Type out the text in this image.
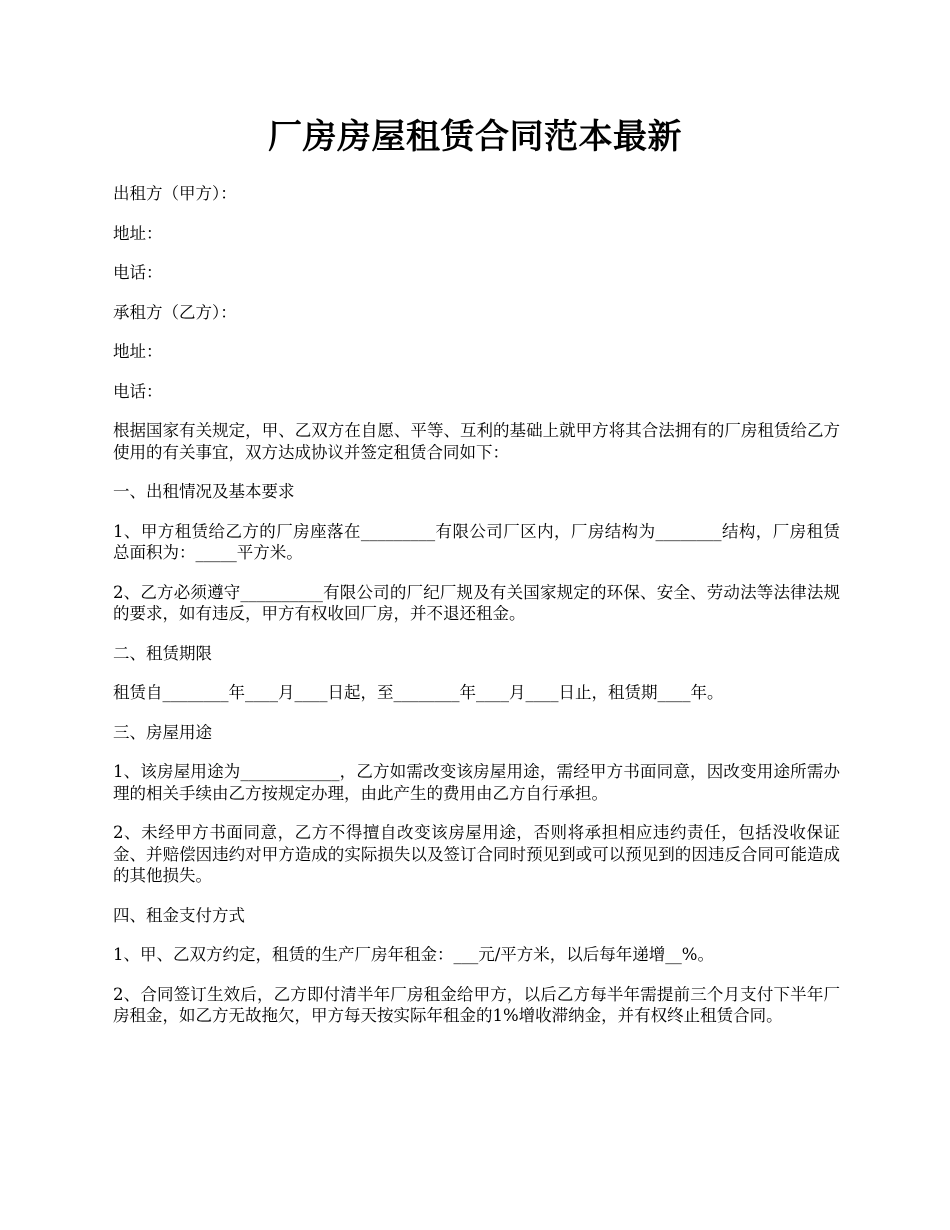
厂房房屋租赁合同范本最新

出租方（甲方）：

地址：

电话：

承租方（乙方）：

地址：

电话：

根据国家有关规定，甲、乙双方在自愿、平等、互利的基础上就甲方将其合法拥有的厂房租赁给乙方使用的有关事宜，双方达成协议并签定租赁合同如下：

一、出租情况及基本要求

1、甲方租赁给乙方的厂房座落在_________有限公司厂区内，厂房结构为________结构，厂房租赁总面积为：_____平方米。

2、乙方必须遵守__________有限公司的厂纪厂规及有关国家规定的环保、安全、劳动法等法律法规的要求，如有违反，甲方有权收回厂房，并不退还租金。

二、租赁期限

租赁自________年____月____日起，至________年____月____日止，租赁期____年。

三、房屋用途

1、该房屋用途为____________，乙方如需改变该房屋用途，需经甲方书面同意，因改变用途所需办理的相关手续由乙方按规定办理，由此产生的费用由乙方自行承担。

2、未经甲方书面同意，乙方不得擅自改变该房屋用途，否则将承担相应违约责任，包括没收保证金、并赔偿因违约对甲方造成的实际损失以及签订合同时预见到或可以预见到的因违反合同可能造成的其他损失。

四、租金支付方式

1、甲、乙双方约定，租赁的生产厂房年租金：___元/平方米，以后每年递增__%。

2、合同签订生效后，乙方即付清半年厂房租金给甲方，以后乙方每半年需提前三个月支付下半年厂房租金，如乙方无故拖欠，甲方每天按实际年租金的1%增收滞纳金，并有权终止租赁合同。
